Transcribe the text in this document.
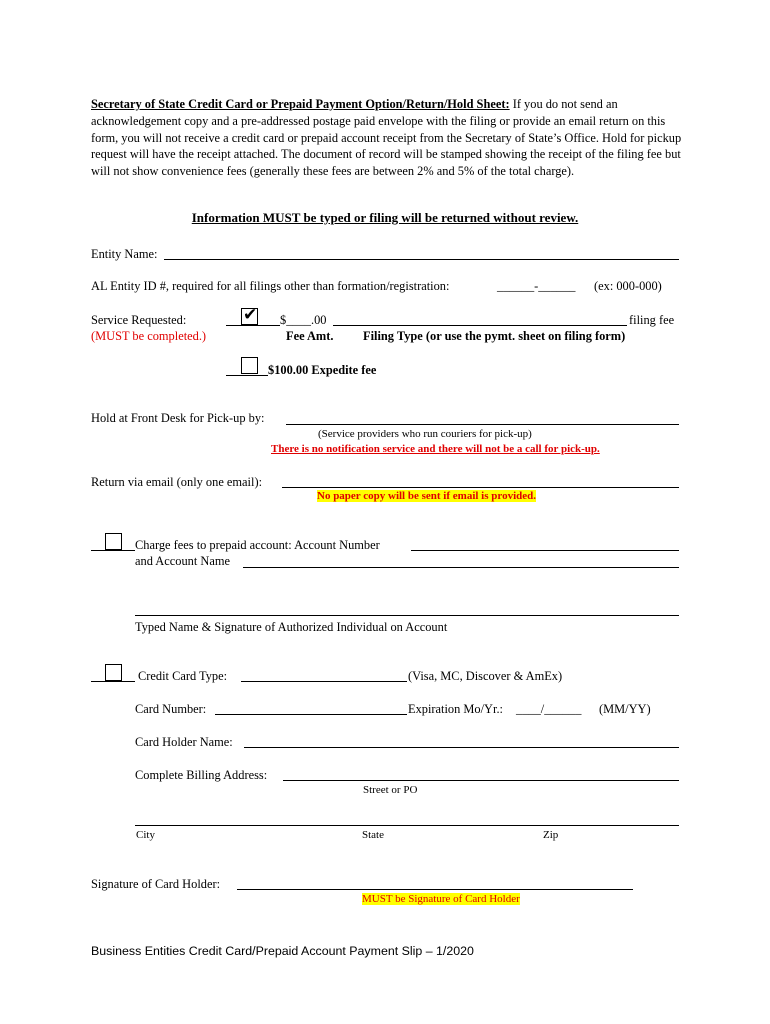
Secretary of State Credit Card or Prepaid Payment Option/Return/Hold Sheet: If you do not send an acknowledgement copy and a pre-addressed postage paid envelope with the filing or provide an email return on this form, you will not receive a credit card or prepaid account receipt from the Secretary of State’s Office. Hold for pickup request will have the receipt attached. The document of record will be stamped showing the receipt of the filing fee but will not show convenience fees (generally these fees are between 2% and 5% of the total charge).
Information MUST be typed or filing will be returned without review.
Entity Name:
AL Entity ID #, required for all filings other than formation/registration:	______-______ (ex: 000-000)
Service Requested:
(MUST be completed.)
✔ $____.00	filing fee
Fee Amt. Filing Type (or use the pymt. sheet on filing form)
$100.00 Expedite fee
Hold at Front Desk for Pick-up by:
(Service providers who run couriers for pick-up)
There is no notification service and there will not be a call for pick-up.
Return via email (only one email):
No paper copy will be sent if email is provided.
Charge fees to prepaid account: Account Number
and Account Name
Typed Name & Signature of Authorized Individual on Account
Credit Card Type:	(Visa, MC, Discover & AmEx)
Card Number:	Expiration Mo/Yr.: ____/______ (MM/YY)
Card Holder Name:
Complete Billing Address:
Street or PO
City	State	Zip
Signature of Card Holder:
MUST be Signature of Card Holder
Business Entities Credit Card/Prepaid Account Payment Slip – 1/2020
